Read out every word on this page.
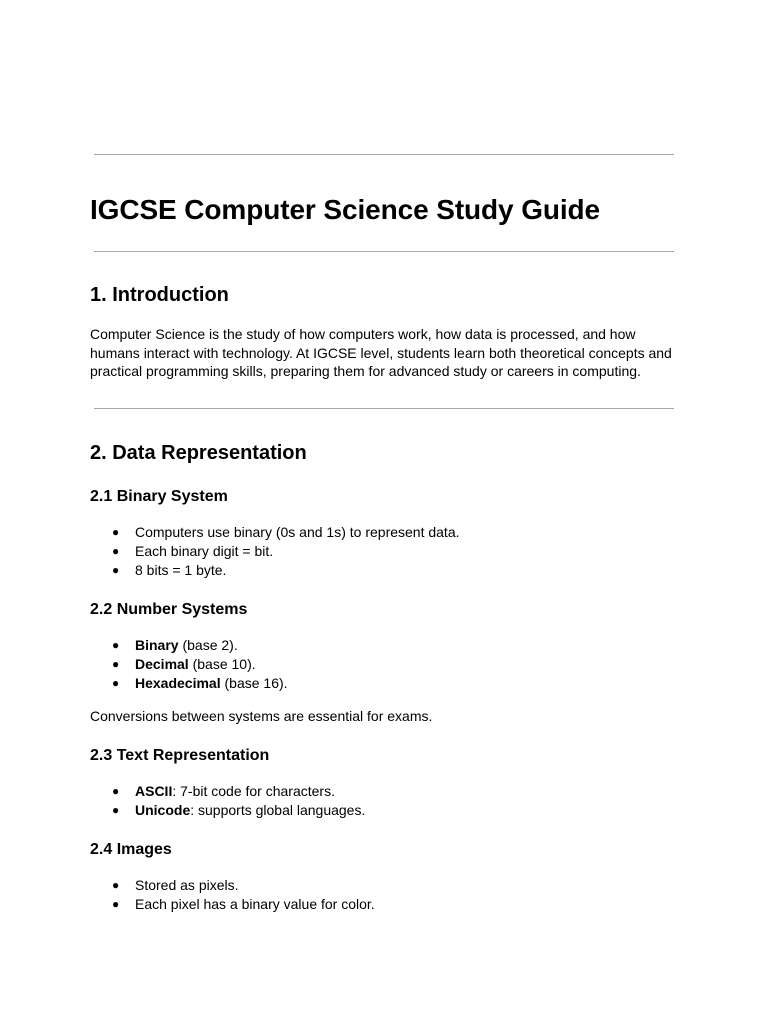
IGCSE Computer Science Study Guide
1. Introduction

Computer Science is the study of how computers work, how data is processed, and how humans interact with technology. At IGCSE level, students learn both theoretical concepts and practical programming skills, preparing them for advanced study or careers in computing.

2. Data Representation
2.1 Binary System
● Computers use binary (0s and 1s) to represent data.
● Each binary digit = bit.
● 8 bits = 1 byte.
2.2 Number Systems
● Binary (base 2).
● Decimal (base 10).
● Hexadecimal (base 16).

Conversions between systems are essential for exams.

2.3 Text Representation
● ASCII: 7-bit code for characters.
● Unicode: supports global languages.
2.4 Images
● Stored as pixels.
● Each pixel has a binary value for color.
